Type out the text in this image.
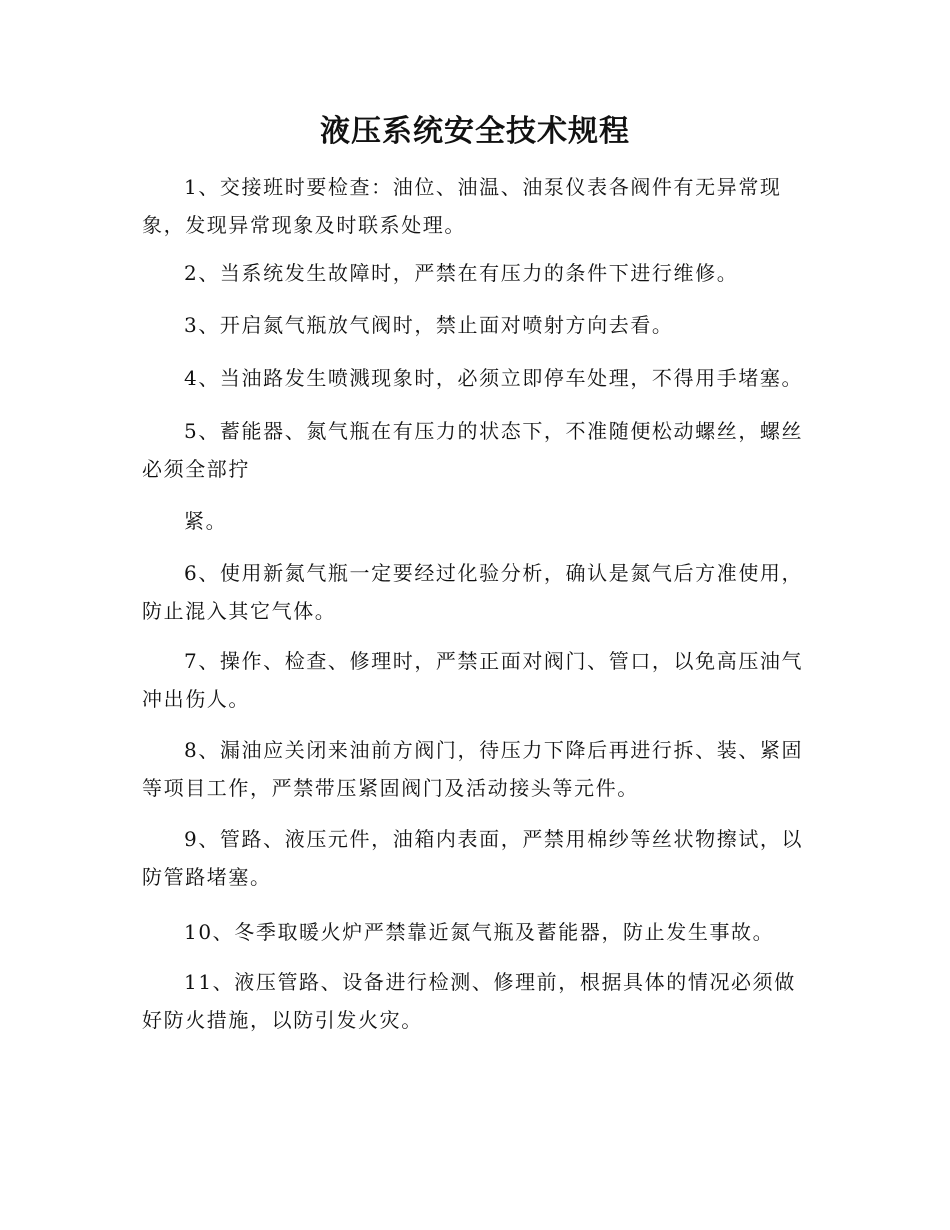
液压系统安全技术规程
1、交接班时要检查：油位、油温、油泵仪表各阀件有无异常现象，发现异常现象及时联系处理。
2、当系统发生故障时，严禁在有压力的条件下进行维修。
3、开启氮气瓶放气阀时，禁止面对喷射方向去看。
4、当油路发生喷溅现象时，必须立即停车处理，不得用手堵塞。
5、蓄能器、氮气瓶在有压力的状态下，不准随便松动螺丝，螺丝必须全部拧
紧。
6、使用新氮气瓶一定要经过化验分析，确认是氮气后方准使用，防止混入其它气体。
7、操作、检查、修理时，严禁正面对阀门、管口，以免高压油气冲出伤人。
8、漏油应关闭来油前方阀门，待压力下降后再进行拆、装、紧固等项目工作，严禁带压紧固阀门及活动接头等元件。
9、管路、液压元件，油箱内表面，严禁用棉纱等丝状物擦试，以防管路堵塞。
10、冬季取暖火炉严禁靠近氮气瓶及蓄能器，防止发生事故。
11、液压管路、设备进行检测、修理前，根据具体的情况必须做好防火措施，以防引发火灾。
